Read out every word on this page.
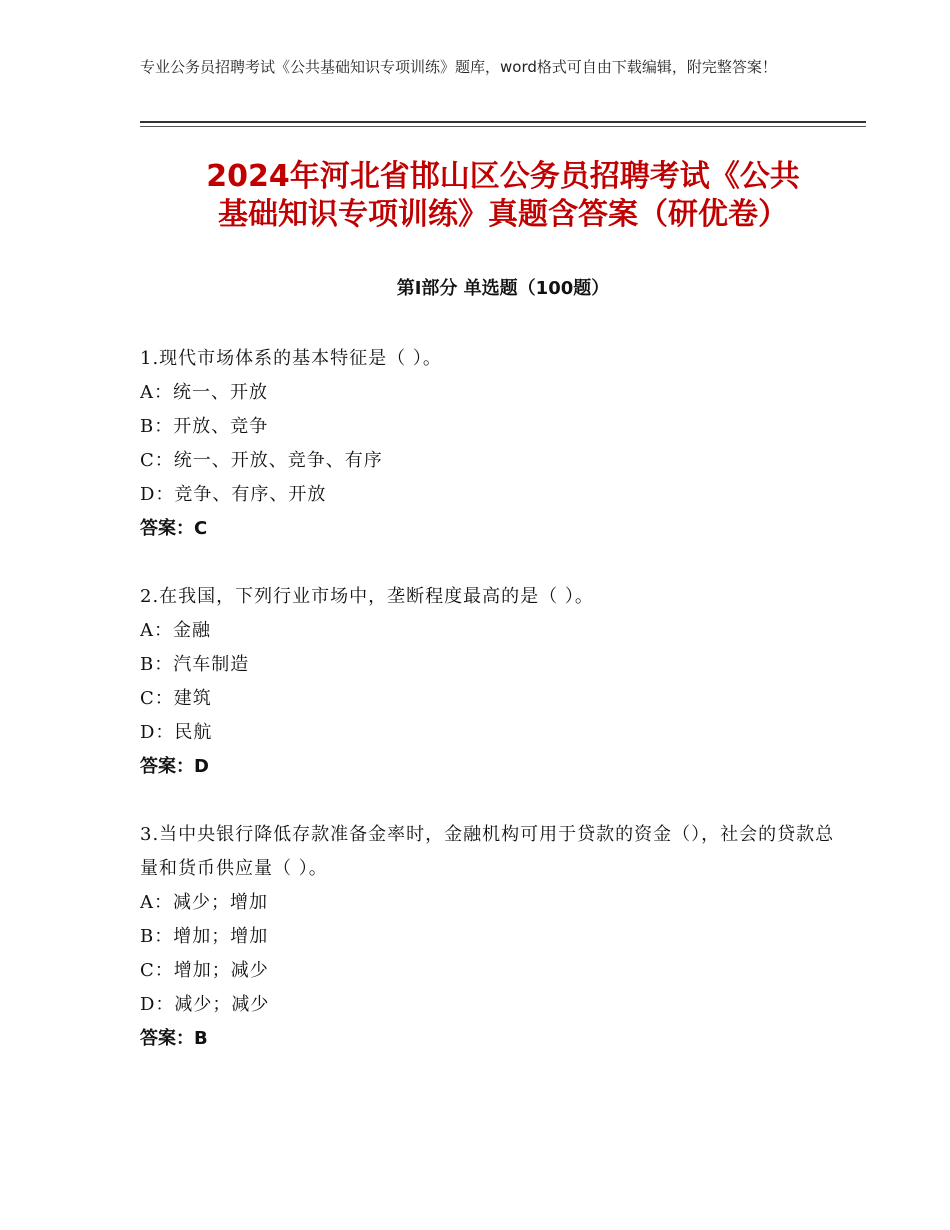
专业公务员招聘考试《公共基础知识专项训练》题库，word格式可自由下载编辑，附完整答案！
2024年河北省邯山区公务员招聘考试《公共
基础知识专项训练》真题含答案（研优卷）
第Ⅰ部分 单选题（100题）
1.现代市场体系的基本特征是（ ）。
A：统一、开放
B：开放、竞争
C：统一、开放、竞争、有序
D：竞争、有序、开放
答案：C
2.在我国，下列行业市场中，垄断程度最高的是（ ）。
A：金融
B：汽车制造
C：建筑
D：民航
答案：D
3.当中央银行降低存款准备金率时，金融机构可用于贷款的资金（），社会的贷款总量和货币供应量（ ）。
A：减少；增加
B：增加；增加
C：增加；减少
D：减少；减少
答案：B
